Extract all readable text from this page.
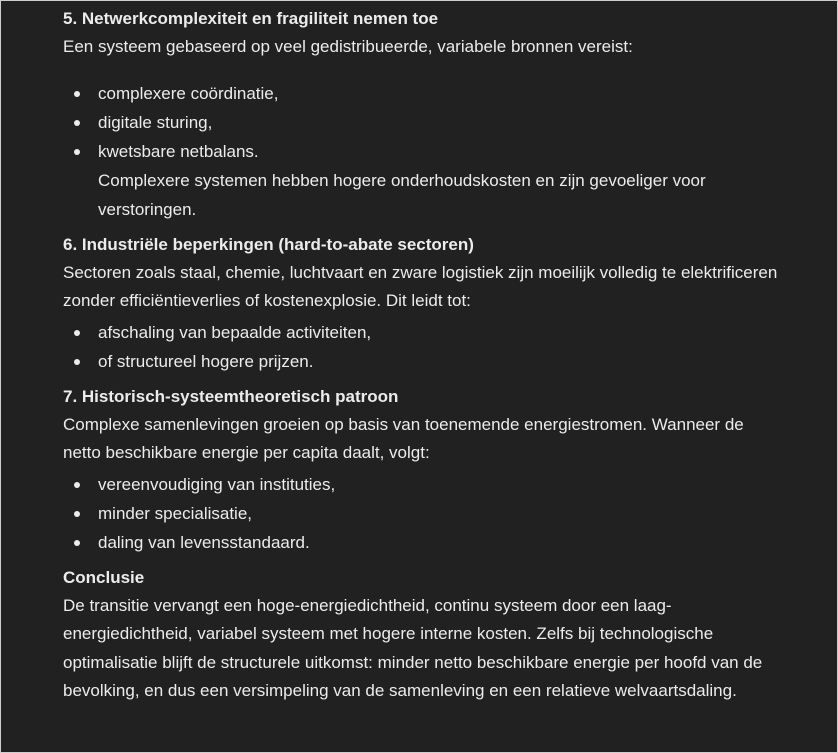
5. Netwerkcomplexiteit en fragiliteit nemen toe
Een systeem gebaseerd op veel gedistribueerde, variabele bronnen vereist:
complexere coördinatie,
digitale sturing,
kwetsbare netbalans.
Complexere systemen hebben hogere onderhoudskosten en zijn gevoeliger voor verstoringen.
6. Industriële beperkingen (hard-to-abate sectoren)
Sectoren zoals staal, chemie, luchtvaart en zware logistiek zijn moeilijk volledig te elektrificeren zonder efficiëntieverlies of kostenexplosie. Dit leidt tot:
afschaling van bepaalde activiteiten,
of structureel hogere prijzen.
7. Historisch-systeemtheoretisch patroon
Complexe samenlevingen groeien op basis van toenemende energiestromen. Wanneer de netto beschikbare energie per capita daalt, volgt:
vereenvoudiging van instituties,
minder specialisatie,
daling van levensstandaard.
Conclusie
De transitie vervangt een hoge-energiedichtheid, continu systeem door een laag-energiedichtheid, variabel systeem met hogere interne kosten. Zelfs bij technologische optimalisatie blijft de structurele uitkomst: minder netto beschikbare energie per hoofd van de bevolking, en dus een versimpeling van de samenleving en een relatieve welvaartsdaling.
